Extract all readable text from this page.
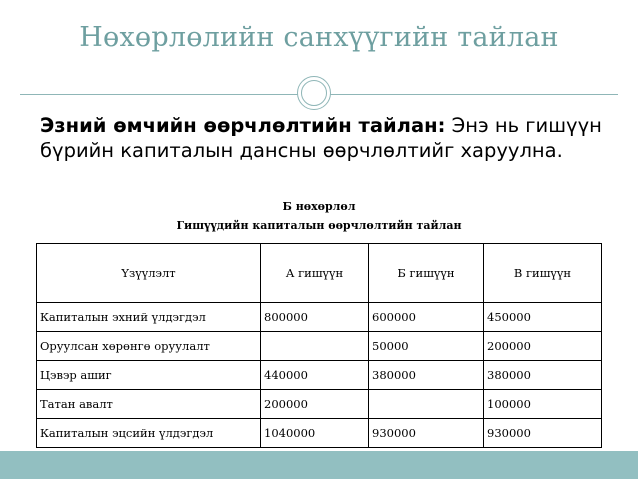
Нөхөрлөлийн санхүүгийн тайлан
Эзний өмчийн өөрчлөлтийн тайлан: Энэ нь гишүүн бүрийн капиталын дансны өөрчлөлтийг харуулна.
Б нөхөрлөл
Гишүүдийн капиталын өөрчлөлтийн тайлан
Үзүүлэлт	А гишүүн	Б гишүүн	В гишүүн
Капиталын эхний үлдэгдэл	800000	600000	450000
Оруулсан хөрөнгө оруулалт		50000	200000
Цэвэр ашиг	440000	380000	380000
Татан авалт	200000		100000
Капиталын эцсийн үлдэгдэл	1040000	930000	930000
